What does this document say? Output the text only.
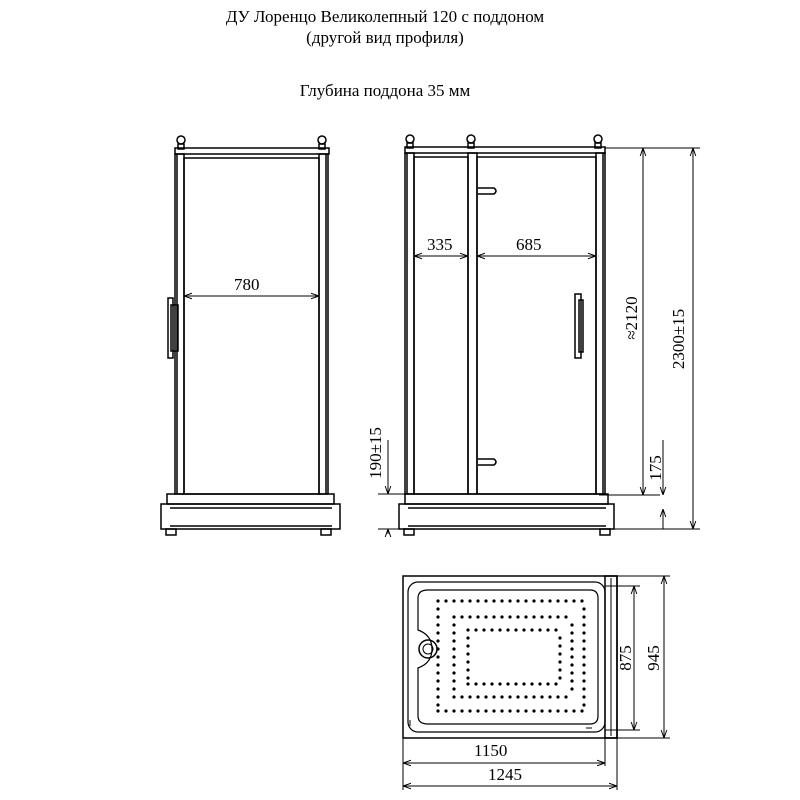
ДУ Лоренцо Великолепный 120 с поддоном
(другой вид профиля)
Глубина поддона 35 мм
780
335	685
≈2120 2300±15
175
190±15
875 945
1150
1245
